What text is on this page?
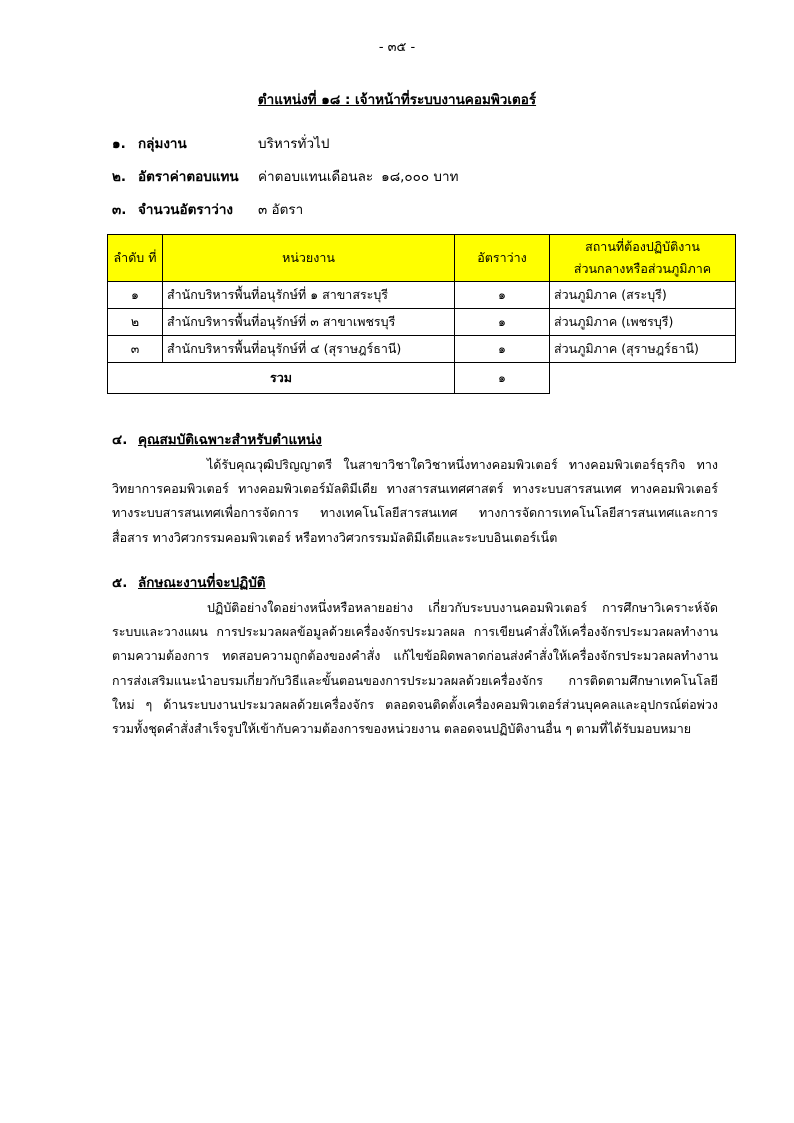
- ๓๕ -
ตำแหน่งที่ ๑๘ : เจ้าหน้าที่ระบบงานคอมพิวเตอร์
๑. กลุ่มงาน	บริหารทั่วไป
๒. อัตราค่าตอบแทน ค่าตอบแทนเดือนละ ๑๘,๐๐๐ บาท
๓. จำนวนอัตราว่าง ๓ อัตรา
ลำดับ ที่	หน่วยงาน	อัตราว่าง	สถานที่ต้องปฏิบัติงาน
ส่วนกลางหรือส่วนภูมิภาค
๑	สำนักบริหารพื้นที่อนุรักษ์ที่ ๑ สาขาสระบุรี	๑	ส่วนภูมิภาค (สระบุรี)
๒	สำนักบริหารพื้นที่อนุรักษ์ที่ ๓ สาขาเพชรบุรี	๑	ส่วนภูมิภาค (เพชรบุรี)
๓	สำนักบริหารพื้นที่อนุรักษ์ที่ ๔ (สุราษฎร์ธานี)	๑	ส่วนภูมิภาค (สุราษฎร์ธานี)
รวม		๑	
๔. คุณสมบัติเฉพาะสำหรับตำแหน่ง

ได้รับคุณวุฒิปริญญาตรี ในสาขาวิชาใดวิชาหนึ่งทางคอมพิวเตอร์ ทางคอมพิวเตอร์ธุรกิจ ทางวิทยาการคอมพิวเตอร์ ทางคอมพิวเตอร์มัลติมีเดีย ทางสารสนเทศศาสตร์ ทางระบบสารสนเทศ ทางคอมพิวเตอร์ ทางระบบสารสนเทศเพื่อการจัดการ ทางเทคโนโลยีสารสนเทศ ทางการจัดการเทคโนโลยีสารสนเทศและการสื่อสาร ทางวิศวกรรมคอมพิวเตอร์ หรือทางวิศวกรรมมัลติมีเดียและระบบอินเตอร์เน็ต

๕. ลักษณะงานที่จะปฏิบัติ

ปฏิบัติอย่างใดอย่างหนึ่งหรือหลายอย่าง เกี่ยวกับระบบงานคอมพิวเตอร์ การศึกษาวิเคราะห์จัดระบบและวางแผน การประมวลผลข้อมูลด้วยเครื่องจักรประมวลผล การเขียนคำสั่งให้เครื่องจักรประมวลผลทำงานตามความต้องการ ทดสอบความถูกต้องของคำสั่ง แก้ไขข้อผิดพลาดก่อนส่งคำสั่งให้เครื่องจักรประมวลผลทำงาน การส่งเสริมแนะนำอบรมเกี่ยวกับวิธีและขั้นตอนของการประมวลผลด้วยเครื่องจักร การติดตามศึกษาเทคโนโลยีใหม่ ๆ ด้านระบบงานประมวลผลด้วยเครื่องจักร ตลอดจนติดตั้งเครื่องคอมพิวเตอร์ส่วนบุคคลและอุปกรณ์ต่อพ่วง รวมทั้งชุดคำสั่งสำเร็จรูปให้เข้ากับความต้องการของหน่วยงาน ตลอดจนปฏิบัติงานอื่น ๆ ตามที่ได้รับมอบหมาย
